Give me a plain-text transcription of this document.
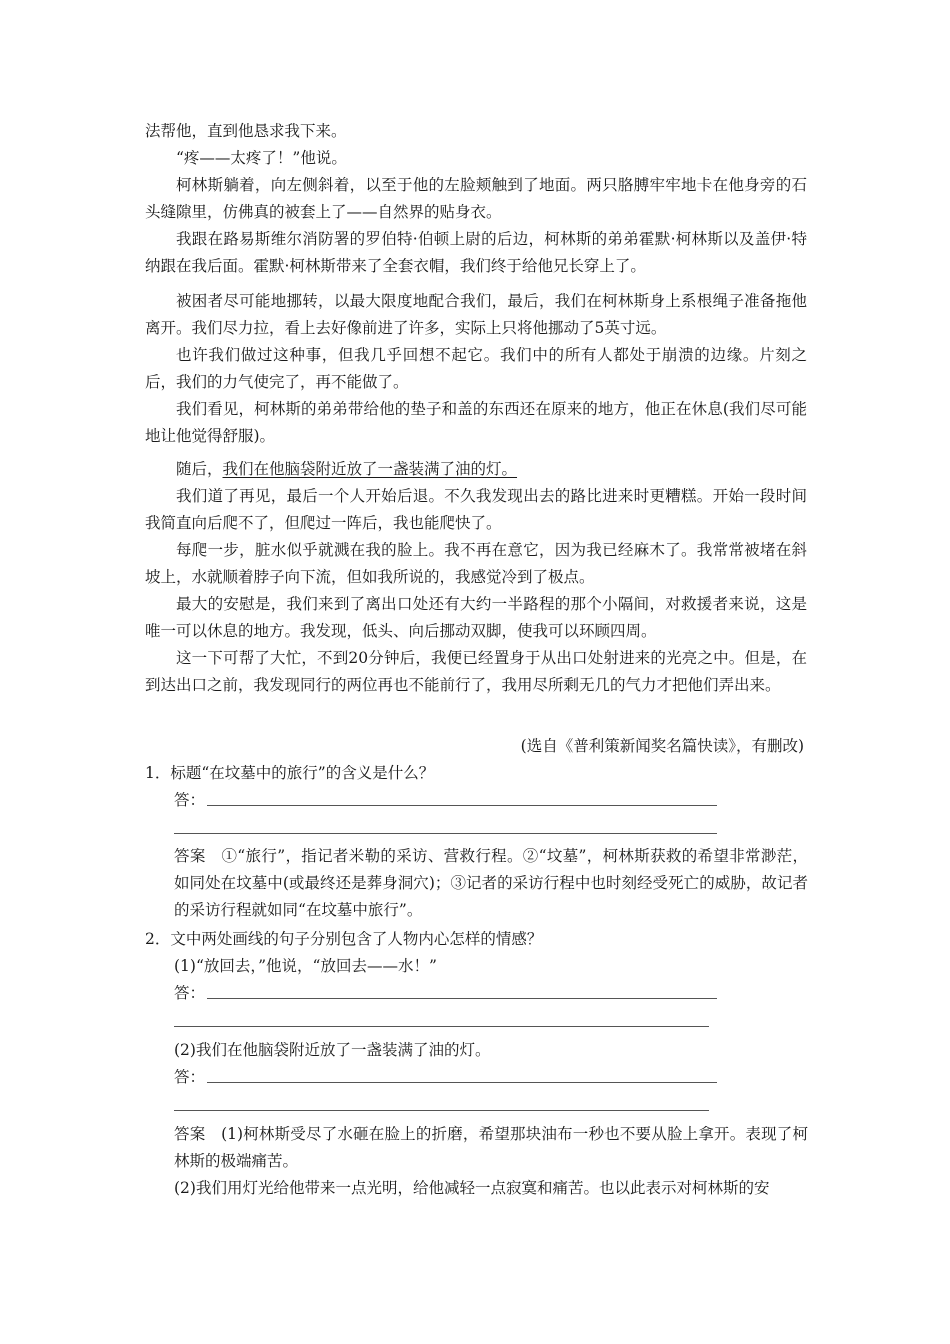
法帮他，直到他恳求我下来。

“疼——太疼了！”他说。

柯林斯躺着，向左侧斜着，以至于他的左脸颊触到了地面。两只胳膊牢牢地卡在他身旁的石头缝隙里，仿佛真的被套上了——自然界的贴身衣。

我跟在路易斯维尔消防署的罗伯特·伯顿上尉的后边，柯林斯的弟弟霍默·柯林斯以及盖伊·特纳跟在我后面。霍默·柯林斯带来了全套衣帽，我们终于给他兄长穿上了。

被困者尽可能地挪转，以最大限度地配合我们，最后，我们在柯林斯身上系根绳子准备拖他离开。我们尽力拉，看上去好像前进了许多，实际上只将他挪动了5英寸远。

也许我们做过这种事，但我几乎回想不起它。我们中的所有人都处于崩溃的边缘。片刻之后，我们的力气使完了，再不能做了。

我们看见，柯林斯的弟弟带给他的垫子和盖的东西还在原来的地方，他正在休息(我们尽可能地让他觉得舒服)。

随后，我们在他脑袋附近放了一盏装满了油的灯。

我们道了再见，最后一个人开始后退。不久我发现出去的路比进来时更糟糕。开始一段时间我简直向后爬不了，但爬过一阵后，我也能爬快了。

每爬一步，脏水似乎就溅在我的脸上。我不再在意它，因为我已经麻木了。我常常被堵在斜坡上，水就顺着脖子向下流，但如我所说的，我感觉冷到了极点。

最大的安慰是，我们来到了离出口处还有大约一半路程的那个小隔间，对救援者来说，这是唯一可以休息的地方。我发现，低头、向后挪动双脚，使我可以环顾四周。

这一下可帮了大忙，不到20分钟后，我便已经置身于从出口处射进来的光亮之中。但是，在到达出口之前，我发现同行的两位再也不能前行了，我用尽所剩无几的气力才把他们弄出来。

(选自《普利策新闻奖名篇快读》，有删改)
1．标题“在坟墓中的旅行”的含义是什么？
答：

答案　①“旅行”，指记者米勒的采访、营救行程。②“坟墓”，柯林斯获救的希望非常渺茫，如同处在坟墓中(或最终还是葬身洞穴)；③记者的采访行程中也时刻经受死亡的威胁，故记者的采访行程就如同“在坟墓中旅行”。

2．文中两处画线的句子分别包含了人物内心怎样的情感？
(1)“放回去，”他说，“放回去——水！”
答：
(2)我们在他脑袋附近放了一盏装满了油的灯。
答：

答案　(1)柯林斯受尽了水砸在脸上的折磨，希望那块油布一秒也不要从脸上拿开。表现了柯林斯的极端痛苦。

(2)我们用灯光给他带来一点光明，给他减轻一点寂寞和痛苦。也以此表示对柯林斯的安
